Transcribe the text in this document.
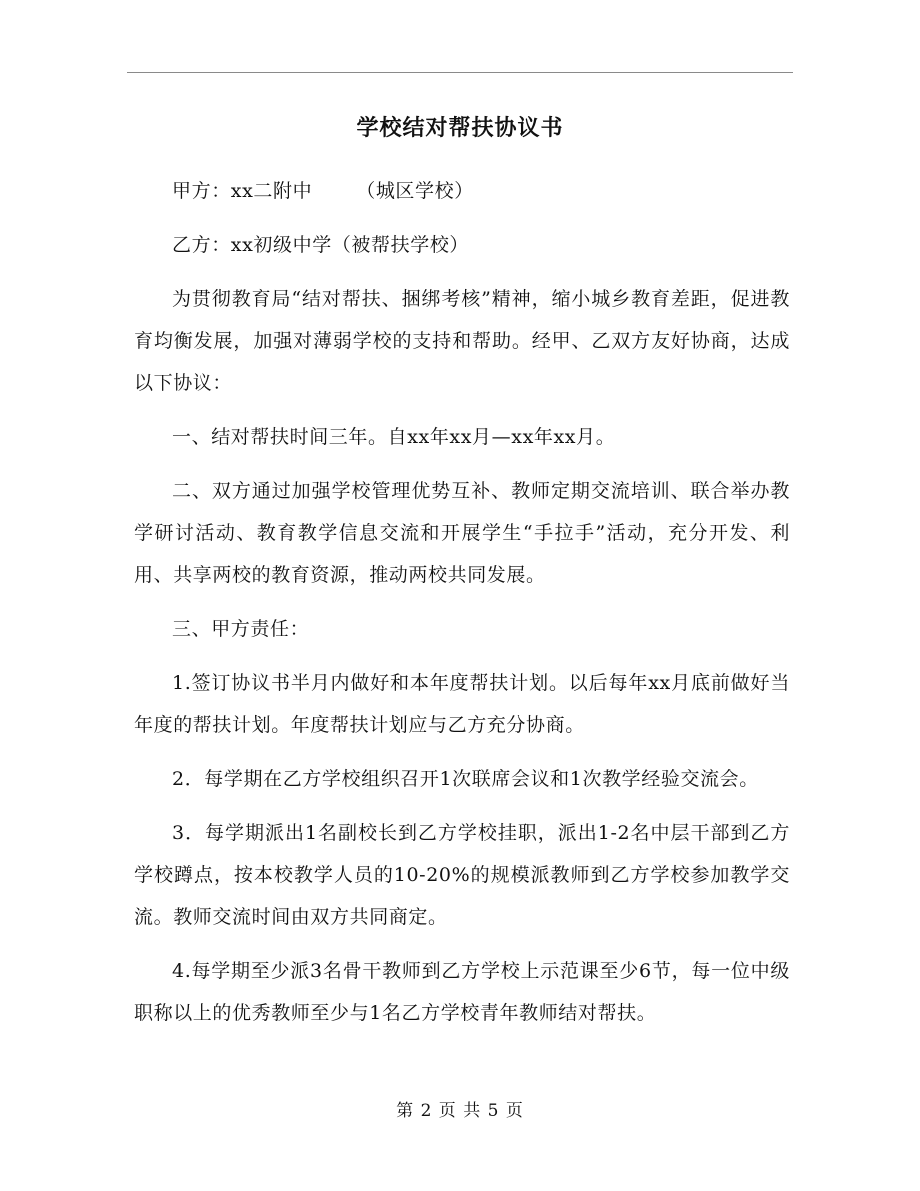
学校结对帮扶协议书

甲方：xx二附中 （城区学校）

乙方：xx初级中学（被帮扶学校）

为贯彻教育局“结对帮扶、捆绑考核”精神，缩小城乡教育差距，促进教育均衡发展，加强对薄弱学校的支持和帮助。经甲、乙双方友好协商，达成以下协议：

一、结对帮扶时间三年。自xx年xx月—xx年xx月。

二、双方通过加强学校管理优势互补、教师定期交流培训、联合举办教学研讨活动、教育教学信息交流和开展学生“手拉手”活动，充分开发、利用、共享两校的教育资源，推动两校共同发展。

三、甲方责任：

1.签订协议书半月内做好和本年度帮扶计划。以后每年xx月底前做好当年度的帮扶计划。年度帮扶计划应与乙方充分协商。

2．每学期在乙方学校组织召开1次联席会议和1次教学经验交流会。

3．每学期派出1名副校长到乙方学校挂职，派出1-2名中层干部到乙方学校蹲点，按本校教学人员的10-20%的规模派教师到乙方学校参加教学交流。教师交流时间由双方共同商定。

4.每学期至少派3名骨干教师到乙方学校上示范课至少6节，每一位中级职称以上的优秀教师至少与1名乙方学校青年教师结对帮扶。

第 2 页 共 5 页
